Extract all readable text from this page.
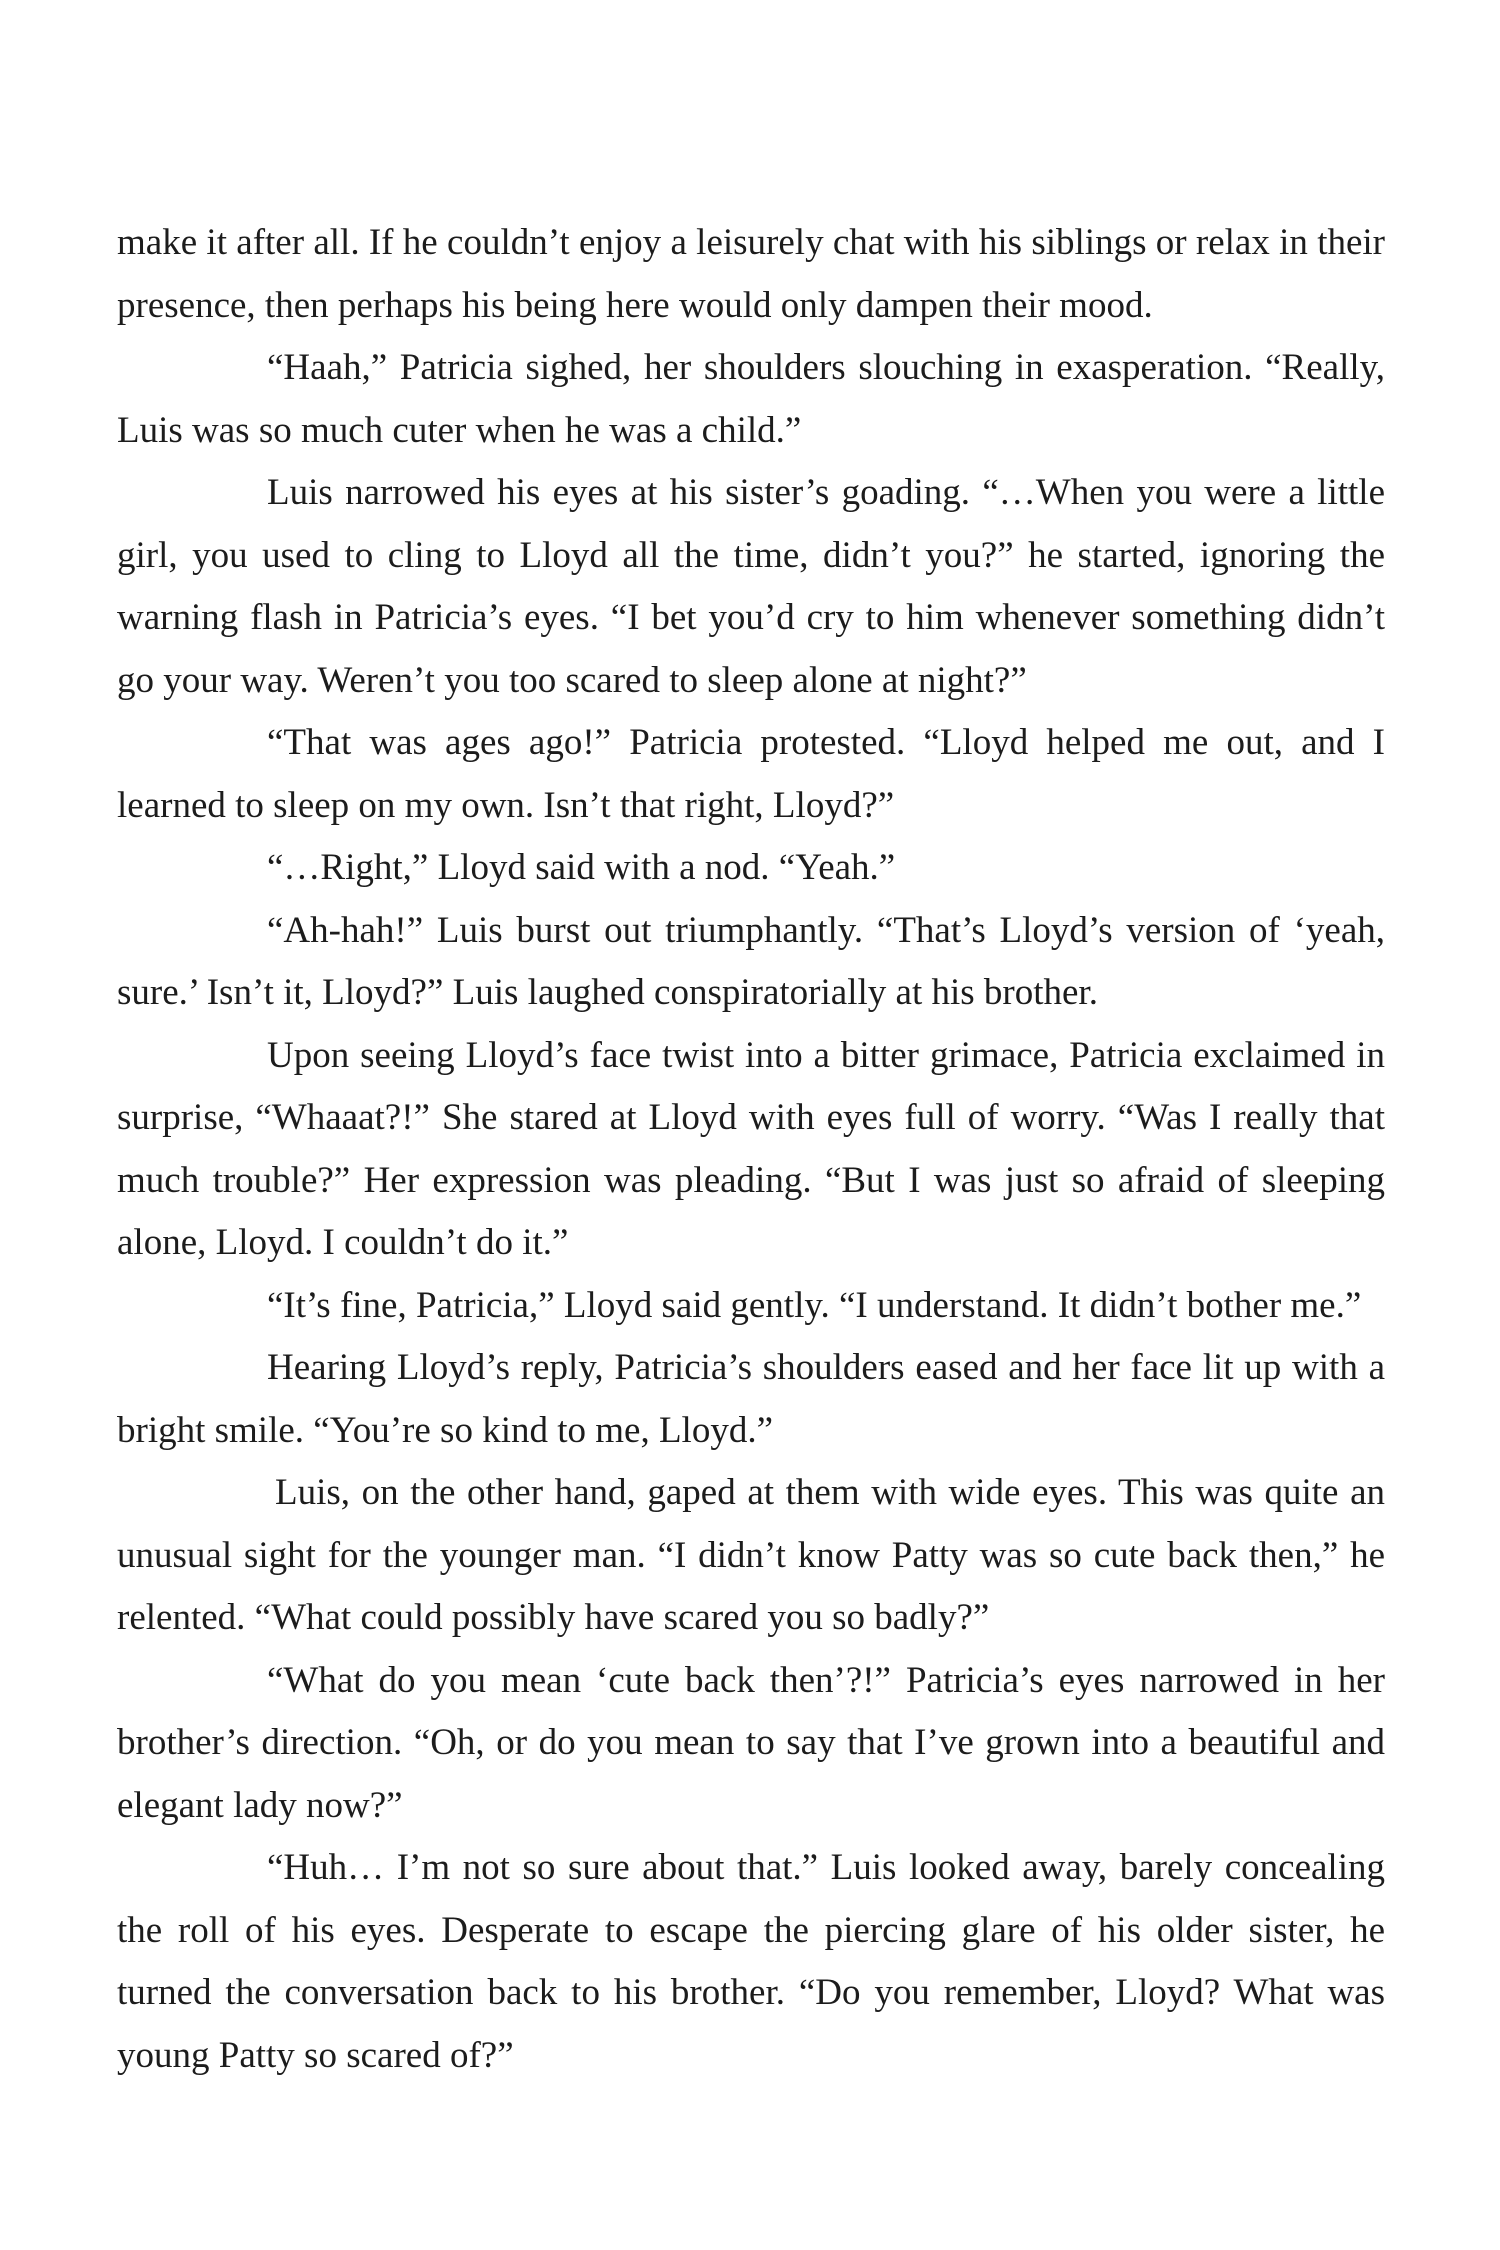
make it after all. If he couldn’t enjoy a leisurely chat with his siblings or relax in their presence, then perhaps his being here would only dampen their mood.

“Haah,” Patricia sighed, her shoulders slouching in exasperation. “Really, Luis was so much cuter when he was a child.”

Luis narrowed his eyes at his sister’s goading. “…When you were a little girl, you used to cling to Lloyd all the time, didn’t you?” he started, ignoring the warning flash in Patricia’s eyes. “I bet you’d cry to him whenever something didn’t go your way. Weren’t you too scared to sleep alone at night?”

“That was ages ago!” Patricia protested. “Lloyd helped me out, and I learned to sleep on my own. Isn’t that right, Lloyd?”

“…Right,” Lloyd said with a nod. “Yeah.”

“Ah-hah!” Luis burst out triumphantly. “That’s Lloyd’s version of ‘yeah, sure.’ Isn’t it, Lloyd?” Luis laughed conspiratorially at his brother.

Upon seeing Lloyd’s face twist into a bitter grimace, Patricia exclaimed in surprise, “Whaaat?!” She stared at Lloyd with eyes full of worry. “Was I really that much trouble?” Her expression was pleading. “But I was just so afraid of sleeping alone, Lloyd. I couldn’t do it.”

“It’s fine, Patricia,” Lloyd said gently. “I understand. It didn’t bother me.”

Hearing Lloyd’s reply, Patricia’s shoulders eased and her face lit up with a bright smile. “You’re so kind to me, Lloyd.”

Luis, on the other hand, gaped at them with wide eyes. This was quite an unusual sight for the younger man. “I didn’t know Patty was so cute back then,” he relented. “What could possibly have scared you so badly?”

“What do you mean ‘cute back then’?!” Patricia’s eyes narrowed in her brother’s direction. “Oh, or do you mean to say that I’ve grown into a beautiful and elegant lady now?”

“Huh… I’m not so sure about that.” Luis looked away, barely concealing the roll of his eyes. Desperate to escape the piercing glare of his older sister, he turned the conversation back to his brother. “Do you remember, Lloyd? What was young Patty so scared of?”
